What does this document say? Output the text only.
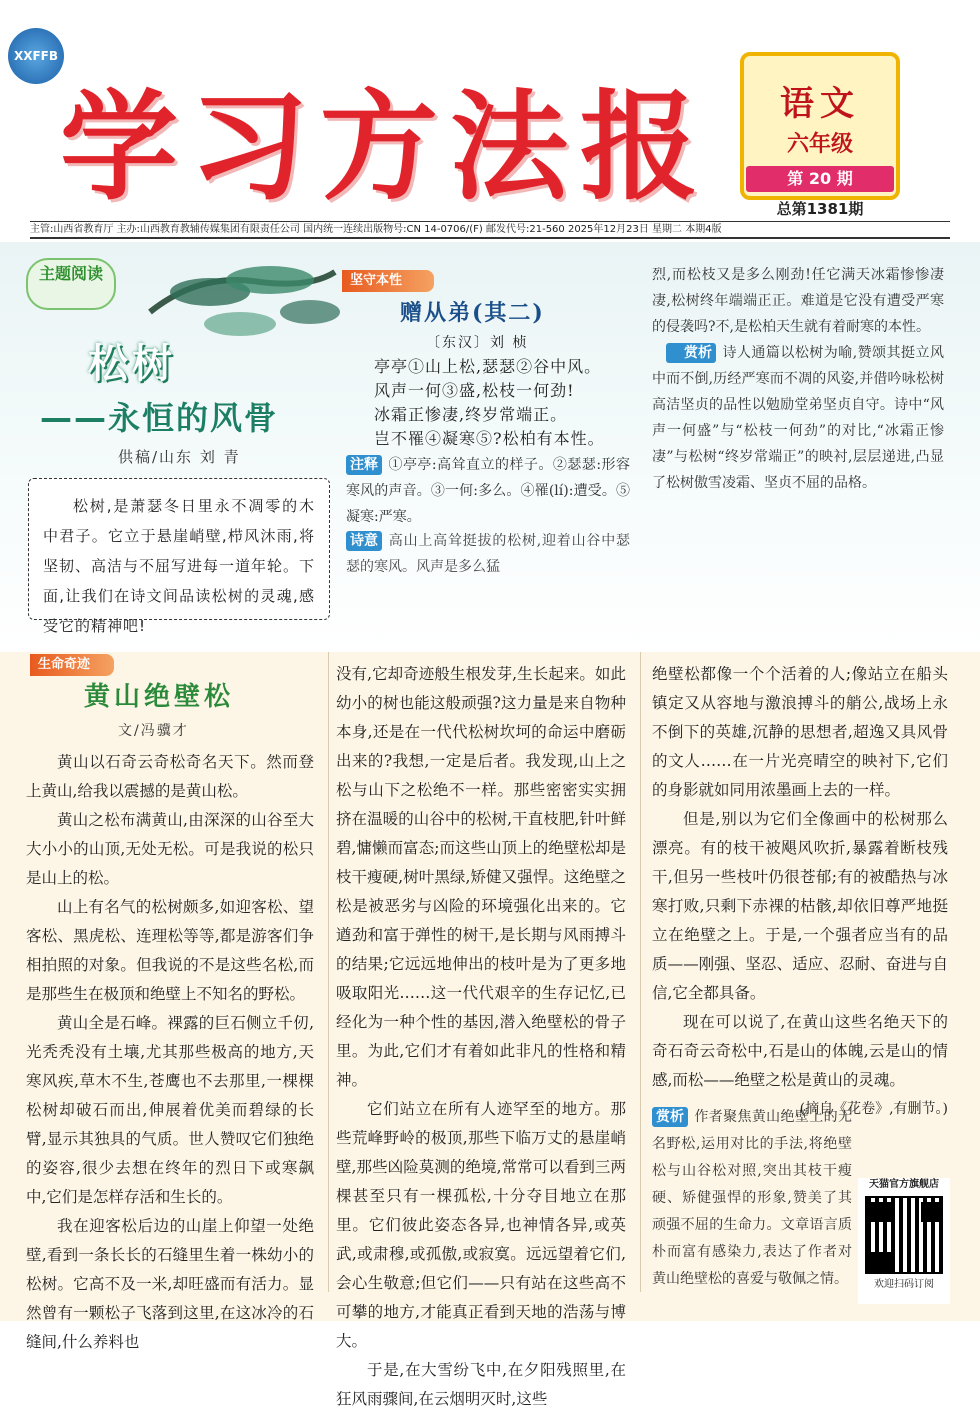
XXFFB
学习方法报	语文
六年级
第 20 期
总第1381期
主管:山西省教育厅 主办:山西教育教辅传媒集团有限责任公司 国内统一连续出版物号:CN 14-0706/(F) 邮发代号:21-560 2025年12月23日 星期二 本期4版
主题阅读
松树
——永恒的风骨
供稿/山东 刘 青
松树,是萧瑟冬日里永不凋零的木中君子。它立于悬崖峭壁,栉风沐雨,将坚韧、高洁与不屈写进每一道年轮。下面,让我们在诗文间品读松树的灵魂,感受它的精神吧!
坚守本性
赠从弟(其二)
〔东汉〕刘 桢
亭亭①山上松,瑟瑟②谷中风。
风声一何③盛,松枝一何劲!
冰霜正惨凄,终岁常端正。
岂不罹④凝寒⑤?松柏有本性。
注释 ①亭亭:高耸直立的样子。②瑟瑟:形容寒风的声音。③一何:多么。④罹(lí):遭受。⑤凝寒:严寒。
诗意 高山上高耸挺拔的松树,迎着山谷中瑟瑟的寒风。风声是多么猛

烈,而松枝又是多么刚劲!任它满天冰霜惨惨凄凄,松树终年端端正正。难道是它没有遭受严寒的侵袭吗?不,是松柏天生就有着耐寒的本性。

赏析 诗人通篇以松树为喻,赞颂其挺立风中而不倒,历经严寒而不凋的风姿,并借吟咏松树高洁坚贞的品性以勉励堂弟坚贞自守。诗中“风声一何盛”与“松枝一何劲”的对比,“冰霜正惨凄”与松树“终岁常端正”的映衬,层层递进,凸显了松树傲雪凌霜、坚贞不屈的品格。

生命奇迹
黄山绝壁松
文/冯骥才

黄山以石奇云奇松奇名天下。然而登上黄山,给我以震撼的是黄山松。

黄山之松布满黄山,由深深的山谷至大大小小的山顶,无处无松。可是我说的松只是山上的松。

山上有名气的松树颇多,如迎客松、望客松、黑虎松、连理松等等,都是游客们争相拍照的对象。但我说的不是这些名松,而是那些生在极顶和绝壁上不知名的野松。

黄山全是石峰。裸露的巨石侧立千仞,光秃秃没有土壤,尤其那些极高的地方,天寒风疾,草木不生,苍鹰也不去那里,一棵棵松树却破石而出,伸展着优美而碧绿的长臂,显示其独具的气质。世人赞叹它们独绝的姿容,很少去想在终年的烈日下或寒飙中,它们是怎样存活和生长的。

我在迎客松后边的山崖上仰望一处绝壁,看到一条长长的石缝里生着一株幼小的松树。它高不及一米,却旺盛而有活力。显然曾有一颗松子飞落到这里,在这冰冷的石缝间,什么养料也

没有,它却奇迹般生根发芽,生长起来。如此幼小的树也能这般顽强?这力量是来自物种本身,还是在一代代松树坎坷的命运中磨砺出来的?我想,一定是后者。我发现,山上之松与山下之松绝不一样。那些密密实实拥挤在温暖的山谷中的松树,干直枝肥,针叶鲜碧,慵懒而富态;而这些山顶上的绝壁松却是枝干瘦硬,树叶黑绿,矫健又强悍。这绝壁之松是被恶劣与凶险的环境强化出来的。它遒劲和富于弹性的树干,是长期与风雨搏斗的结果;它远远地伸出的枝叶是为了更多地吸取阳光……这一代代艰辛的生存记忆,已经化为一种个性的基因,潜入绝壁松的骨子里。为此,它们才有着如此非凡的性格和精神。

它们站立在所有人迹罕至的地方。那些荒峰野岭的极顶,那些下临万丈的悬崖峭壁,那些凶险莫测的绝境,常常可以看到三两棵甚至只有一棵孤松,十分夺目地立在那里。它们彼此姿态各异,也神情各异,或英武,或肃穆,或孤傲,或寂寞。远远望着它们,会心生敬意;但它们——只有站在这些高不可攀的地方,才能真正看到天地的浩荡与博大。

于是,在大雪纷飞中,在夕阳残照里,在狂风雨骤间,在云烟明灭时,这些

绝壁松都像一个个活着的人;像站立在船头镇定又从容地与激浪搏斗的艄公,战场上永不倒下的英雄,沉静的思想者,超逸又具风骨的文人……在一片光亮晴空的映衬下,它们的身影就如同用浓墨画上去的一样。

但是,别以为它们全像画中的松树那么漂亮。有的枝干被飓风吹折,暴露着断枝残干,但另一些枝叶仍很苍郁;有的被酷热与冰寒打败,只剩下赤裸的枯骸,却依旧尊严地挺立在绝壁之上。于是,一个强者应当有的品质——刚强、坚忍、适应、忍耐、奋进与自信,它全都具备。

现在可以说了,在黄山这些名绝天下的奇石奇云奇松中,石是山的体魄,云是山的情感,而松——绝壁之松是黄山的灵魂。

(摘自《花卷》,有删节。)

赏析 作者聚焦黄山绝壁上的无名野松,运用对比的手法,将绝壁松与山谷松对照,突出其枝干瘦硬、矫健强悍的形象,赞美了其顽强不屈的生命力。文章语言质朴而富有感染力,表达了作者对黄山绝壁松的喜爱与敬佩之情。
天猫官方旗舰店
欢迎扫码订阅
